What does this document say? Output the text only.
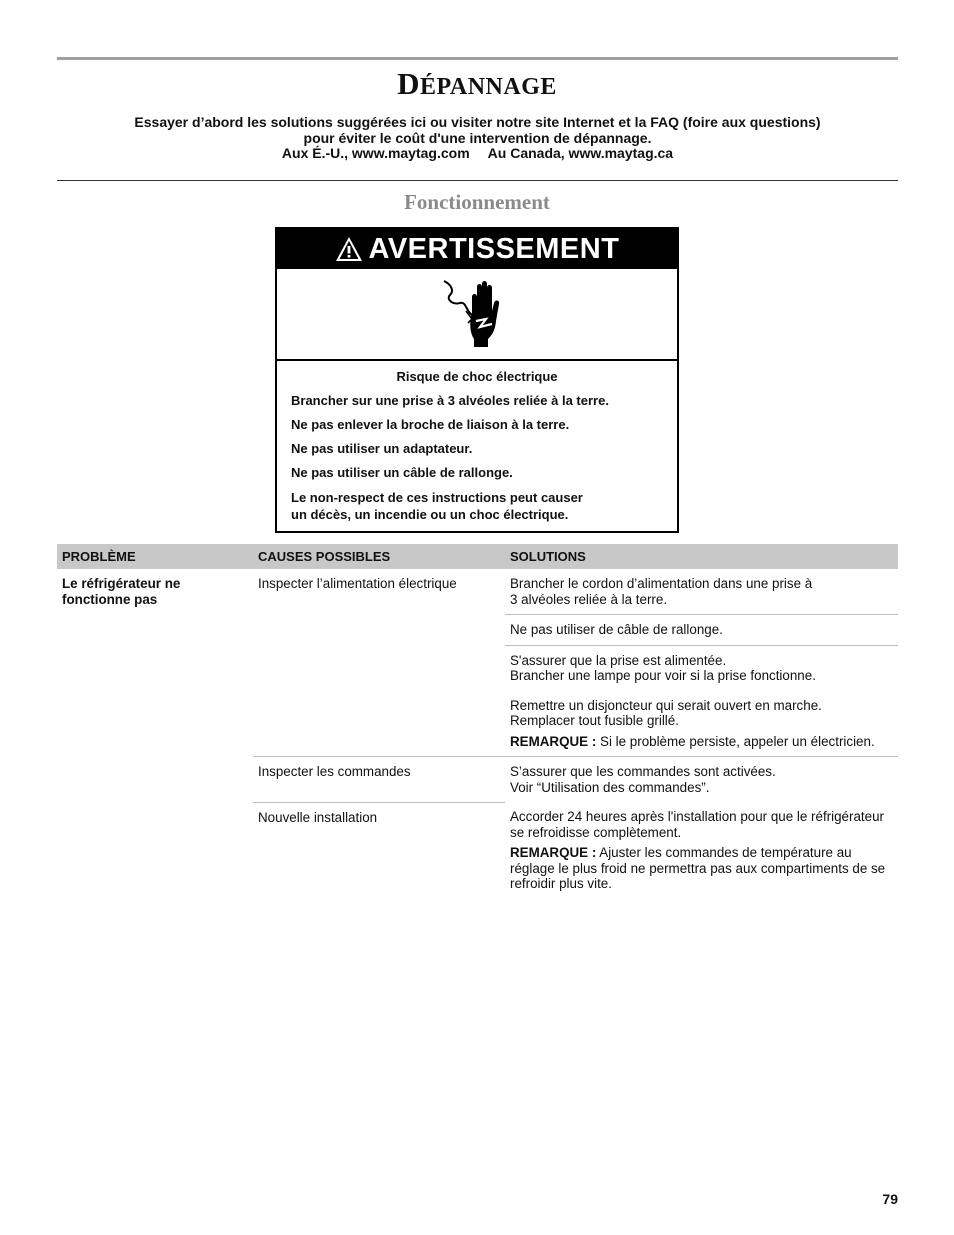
DÉPANNAGE
Essayer d’abord les solutions suggérées ici ou visiter notre site Internet et la FAQ (foire aux questions)
pour éviter le coût d'une intervention de dépannage.
Aux É.-U., www.maytag.com Au Canada, www.maytag.ca
Fonctionnement
AVERTISSEMENT
Risque de choc électrique
Brancher sur une prise à 3 alvéoles reliée à la terre.
Ne pas enlever la broche de liaison à la terre.
Ne pas utiliser un adaptateur.
Ne pas utiliser un câble de rallonge.
Le non-respect de ces instructions peut causer
un décès, un incendie ou un choc électrique.
PROBLÈME	CAUSES POSSIBLES	SOLUTIONS
Le réfrigérateur ne fonctionne pas	Inspecter l’alimentation électrique	Brancher le cordon d’alimentation dans une prise à
3 alvéoles reliée à la terre.
		Ne pas utiliser de câble de rallonge.
		S'assurer que la prise est alimentée.
Brancher une lampe pour voir si la prise fonctionne.

		Remettre un disjoncteur qui serait ouvert en marche.
Remplacer tout fusible grillé.
REMARQUE : Si le problème persiste, appeler un électricien.

	Inspecter les commandes	S’assurer que les commandes sont activées.
Voir “Utilisation des commandes”.
	Nouvelle installation	Accorder 24 heures après l'installation pour que le réfrigérateur se refroidisse complètement.
REMARQUE : Ajuster les commandes de température au réglage le plus froid ne permettra pas aux compartiments de se refroidir plus vite.
79
